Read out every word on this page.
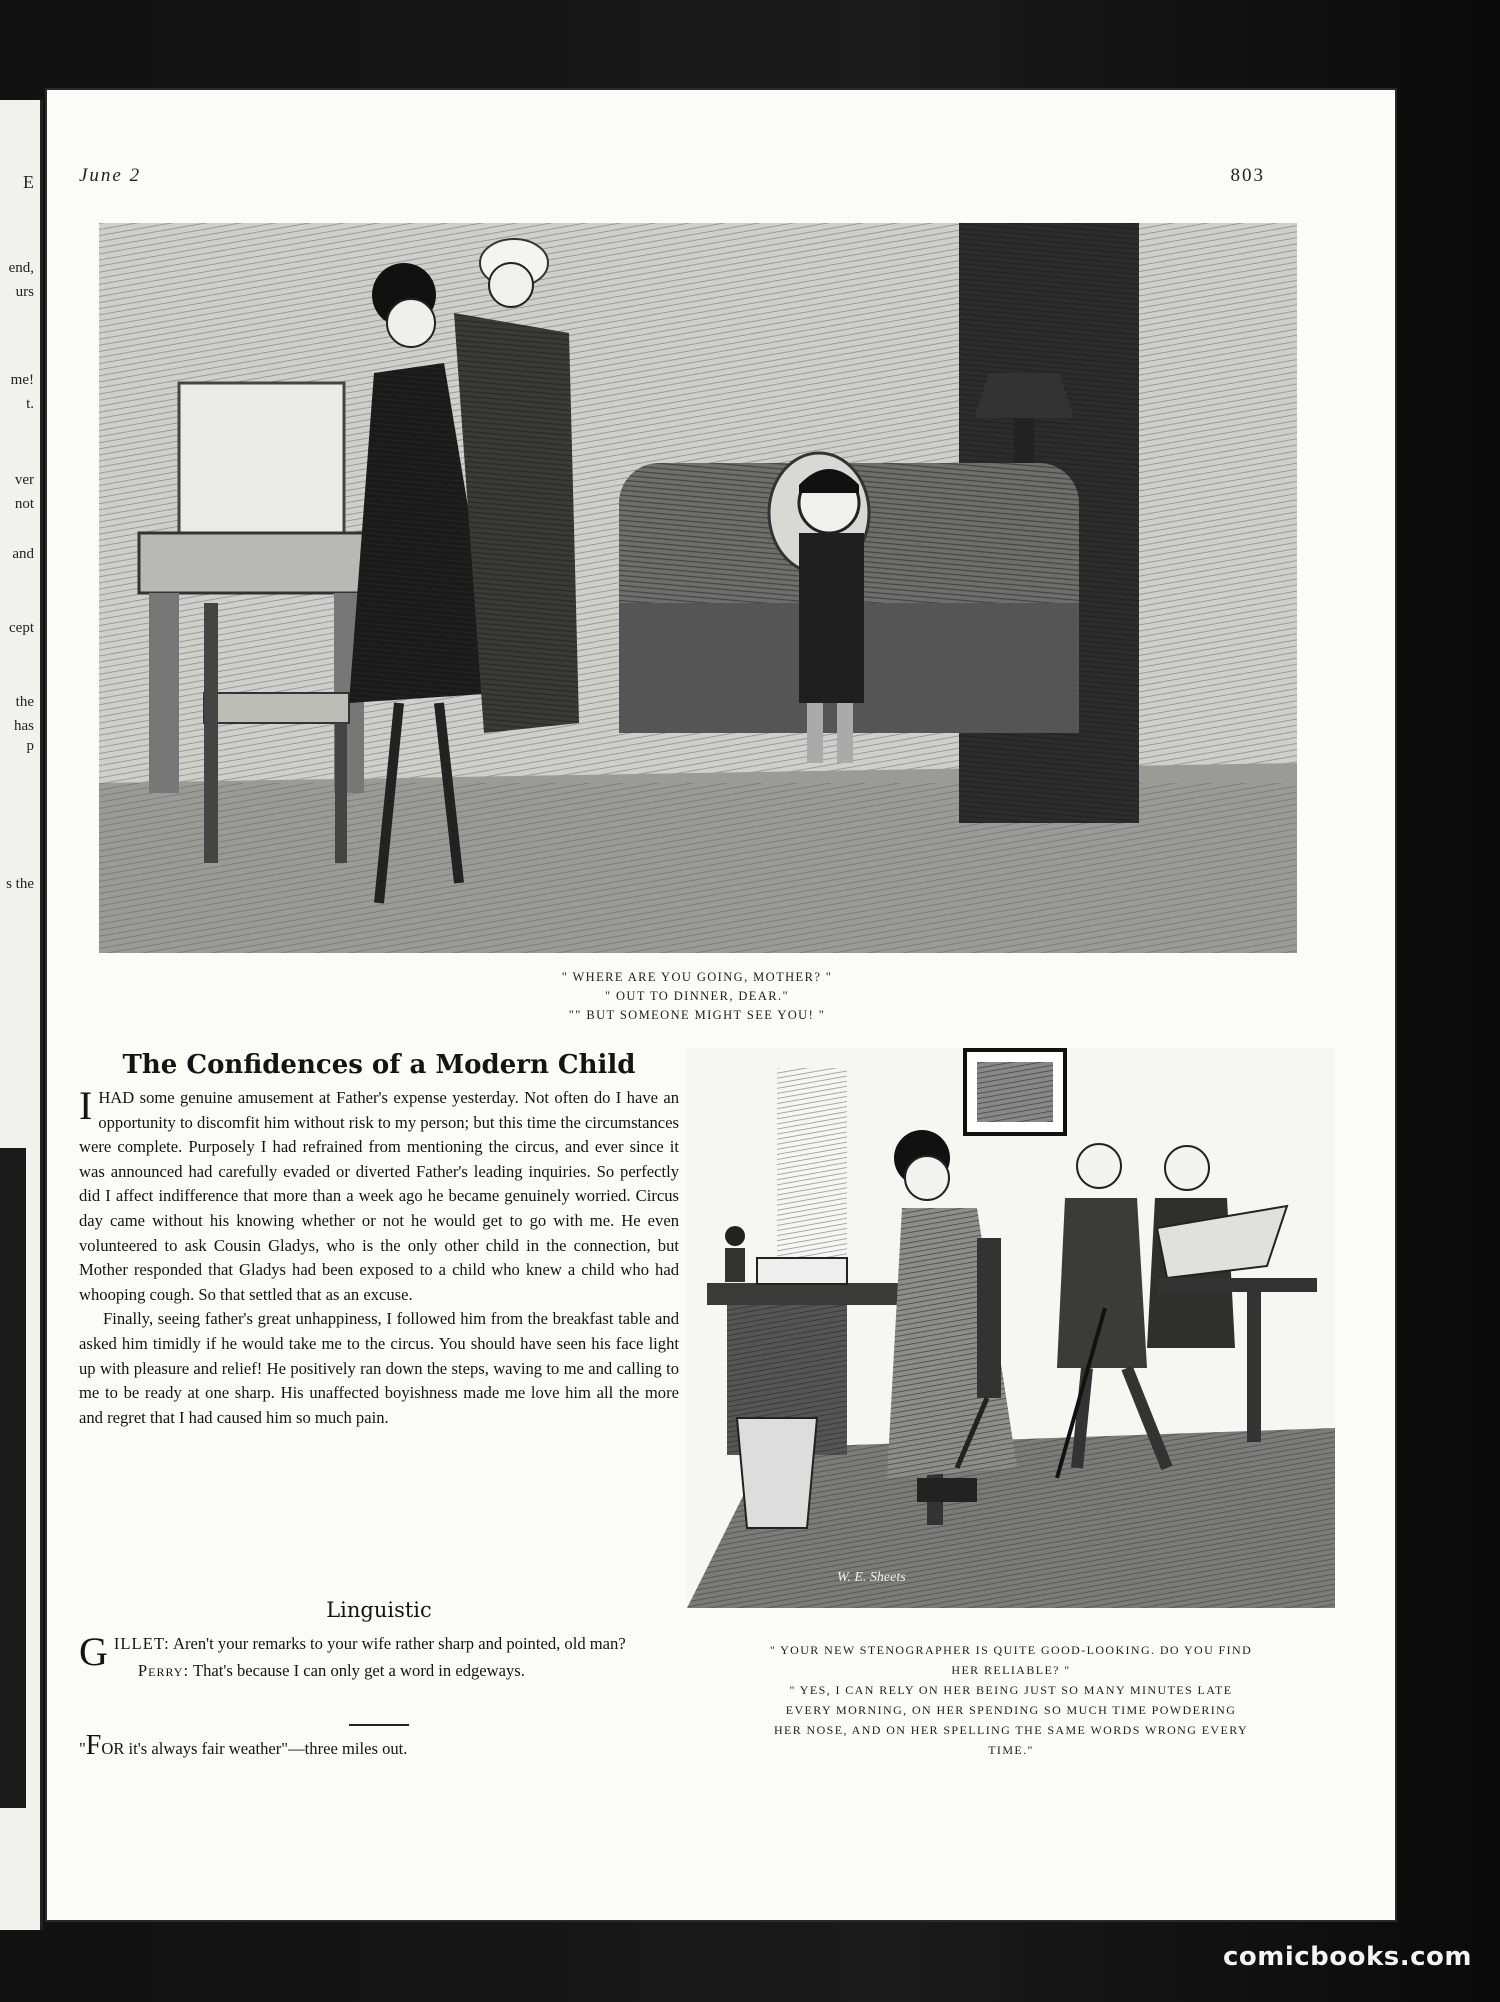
E
end,
urs
me!
t.
ver
not
and
cept
the
has
p
s the
June 2	803
" WHERE ARE YOU GOING, MOTHER? "
" OUT TO DINNER, DEAR."
"" BUT SOMEONE MIGHT SEE YOU! "
The Confidences of a Modern Child

IHAD some genuine amusement at Father's expense yesterday. Not often do I have an opportunity to discomfit him without risk to my person; but this time the circumstances were complete. Purposely I had refrained from mentioning the circus, and ever since it was announced had carefully evaded or diverted Father's leading inquiries. So perfectly did I affect indifference that more than a week ago he became genuinely worried. Circus day came without his knowing whether or not he would get to go with me. He even volunteered to ask Cousin Gladys, who is the only other child in the connection, but Mother responded that Gladys had been exposed to a child who knew a child who had whooping cough. So that settled that as an excuse.

Finally, seeing father's great unhappiness, I followed him from the breakfast table and asked him timidly if he would take me to the circus. You should have seen his face light up with pleasure and relief! He positively ran down the steps, waving to me and calling to me to be ready at one sharp. His unaffected boyishness made me love him all the more and regret that I had caused him so much pain.

Linguistic

GILLET: Aren't your remarks to your wife rather sharp and pointed, old man?

Perry: That's because I can only get a word in edgeways.

"FOR it's always fair weather"—three miles out.

W. E. Sheets
" YOUR NEW STENOGRAPHER IS QUITE GOOD-LOOKING. DO YOU FIND
HER RELIABLE? "
" YES, I CAN RELY ON HER BEING JUST SO MANY MINUTES LATE
EVERY MORNING, ON HER SPENDING SO MUCH TIME POWDERING
HER NOSE, AND ON HER SPELLING THE SAME WORDS WRONG EVERY
TIME."
comicbooks.com
